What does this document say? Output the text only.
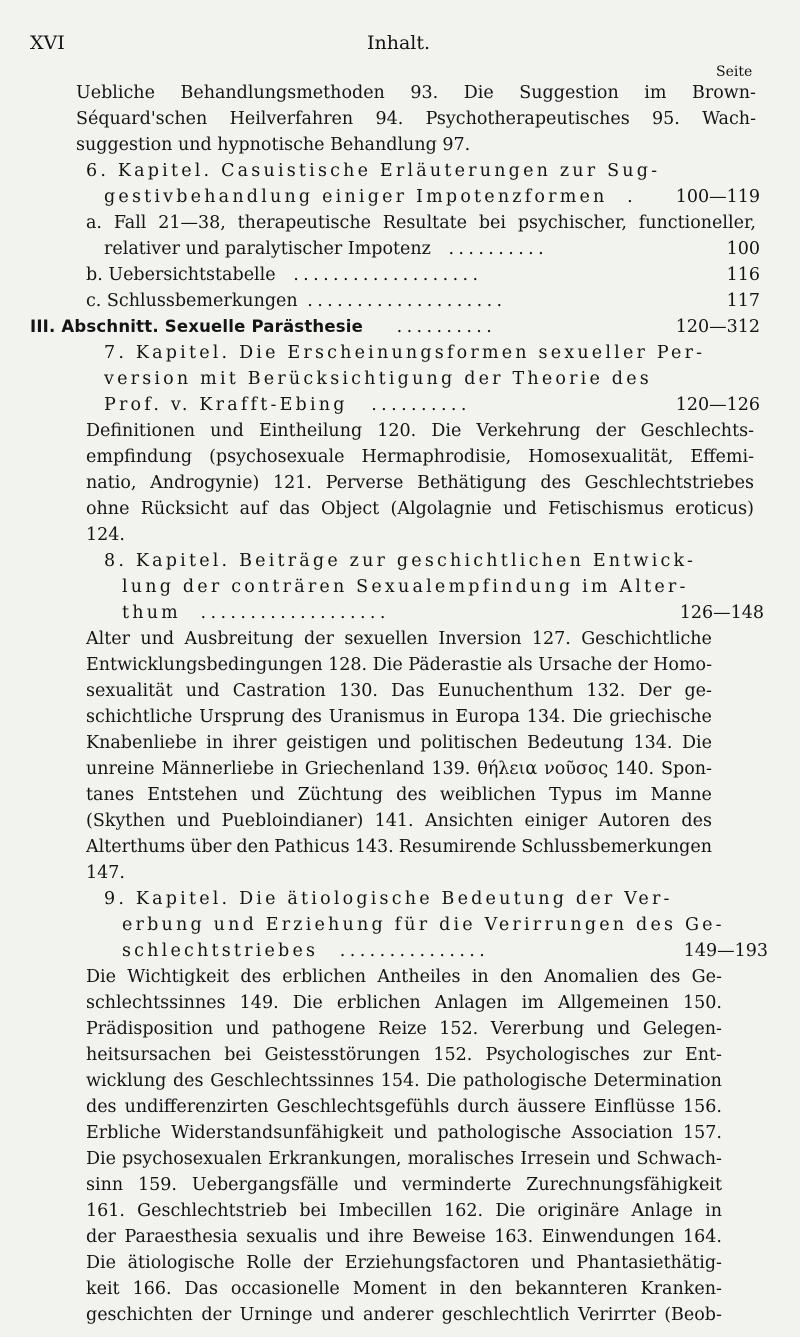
XVI	Inhalt.
Seite
Uebliche Behandlungsmethoden 93. Die Suggestion im Brown-
Séquard'schen Heilverfahren 94. Psychotherapeutisches 95. Wach-
suggestion und hypnotische Behandlung 97.
6. Kapitel. Casuistische Erläuterungen zur Sug-
gestivbehandlung einiger Impotenzformen . 100—119
a. Fall 21—38, therapeutische Resultate bei psychischer, functioneller,
relativer und paralytischer Impotenz ..........	100
b. Uebersichtstabelle ...................	116
c. Schlussbemerkungen ....................	117
III. Abschnitt. Sexuelle Parästhesie ..........	120—312
7. Kapitel. Die Erscheinungsformen sexueller Per-
version mit Berücksichtigung der Theorie des
Prof. v. Krafft-Ebing ..........	120—126
Definitionen und Eintheilung 120. Die Verkehrung der Geschlechts-
empfindung (psychosexuale Hermaphrodisie, Homosexualität, Effemi-
natio, Androgynie) 121. Perverse Bethätigung des Geschlechtstriebes
ohne Rücksicht auf das Object (Algolagnie und Fetischismus eroticus)
124.
8. Kapitel. Beiträge zur geschichtlichen Entwick-
lung der conträren Sexualempfindung im Alter-
thum ...................	126—148
Alter und Ausbreitung der sexuellen Inversion 127. Geschichtliche
Entwicklungsbedingungen 128. Die Päderastie als Ursache der Homo-
sexualität und Castration 130. Das Eunuchenthum 132. Der ge-
schichtliche Ursprung des Uranismus in Europa 134. Die griechische
Knabenliebe in ihrer geistigen und politischen Bedeutung 134. Die
unreine Männerliebe in Griechenland 139. θήλεια νοῦσος 140. Spon-
tanes Entstehen und Züchtung des weiblichen Typus im Manne
(Skythen und Puebloindianer) 141. Ansichten einiger Autoren des
Alterthums über den Pathicus 143. Resumirende Schlussbemerkungen
147.
9. Kapitel. Die ätiologische Bedeutung der Ver-
erbung und Erziehung für die Verirrungen des Ge-
schlechtstriebes ...............	149—193
Die Wichtigkeit des erblichen Antheiles in den Anomalien des Ge-
schlechtssinnes 149. Die erblichen Anlagen im Allgemeinen 150.
Prädisposition und pathogene Reize 152. Vererbung und Gelegen-
heitsursachen bei Geistesstörungen 152. Psychologisches zur Ent-
wicklung des Geschlechtssinnes 154. Die pathologische Determination
des undifferenzirten Geschlechtsgefühls durch äussere Einflüsse 156.
Erbliche Widerstandsunfähigkeit und pathologische Association 157.
Die psychosexualen Erkrankungen, moralisches Irresein und Schwach-
sinn 159. Uebergangsfälle und verminderte Zurechnungsfähigkeit
161. Geschlechtstrieb bei Imbecillen 162. Die originäre Anlage in
der Paraesthesia sexualis und ihre Beweise 163. Einwendungen 164.
Die ätiologische Rolle der Erziehungsfactoren und Phantasiethätig-
keit 166. Das occasionelle Moment in den bekannteren Kranken-
geschichten der Urninge und anderer geschlechtlich Verirrter (Beob-
